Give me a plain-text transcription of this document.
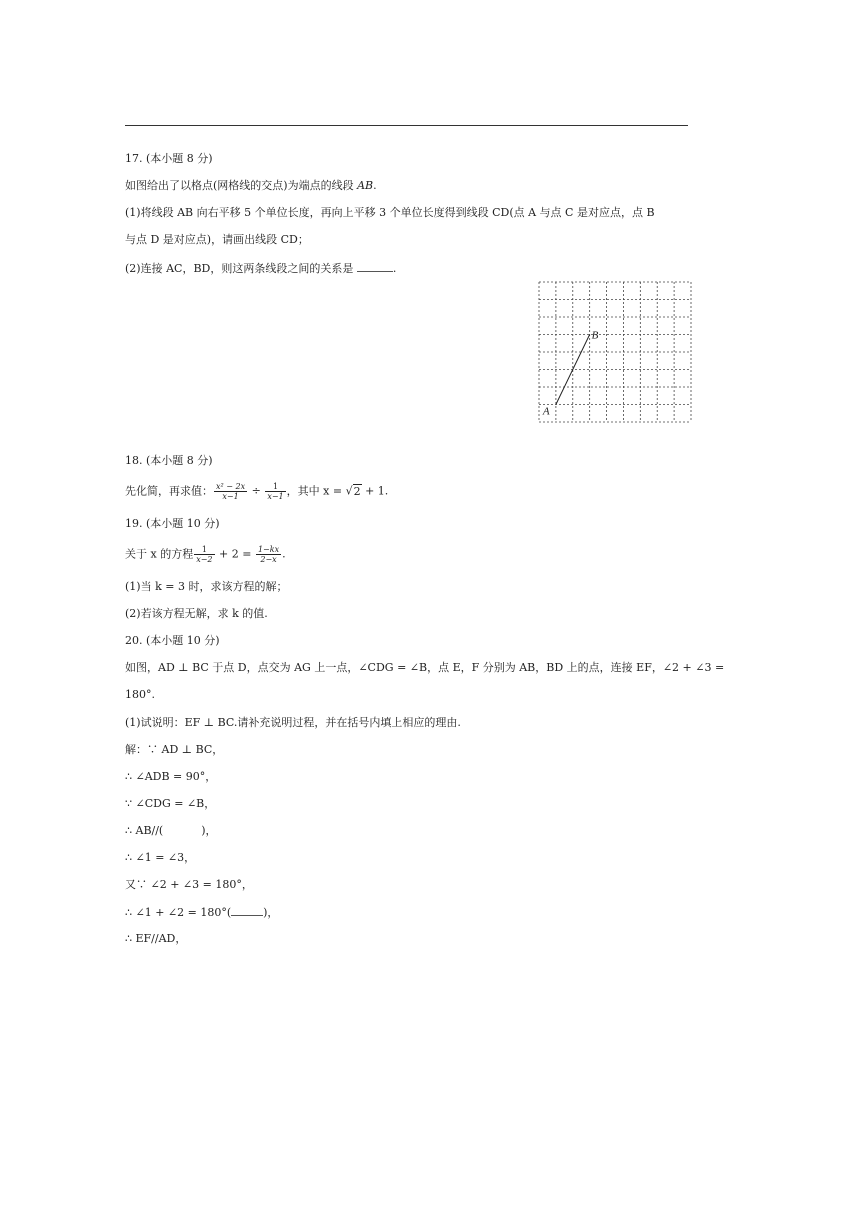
17. (本小题 8 分)
如图给出了以格点(网格线的交点)为端点的线段 AB.
(1)将线段 AB 向右平移 5 个单位长度，再向上平移 3 个单位长度得到线段 CD(点 A 与点 C 是对应点，点 B
与点 D 是对应点)，请画出线段 CD；
(2)连接 AC，BD，则这两条线段之间的关系是	.
A
B
18. (本小题 8 分)
先化简，再求值： $\frac{\text{x² − 2x}}{x-1} \div \frac{1}{x-1}$ ，其中 x = √2 + 1.
19. (本小题 10 分)
关于 x 的方程 $\frac{1}{x-2} + 2 = \frac{1-kx}{2-x}$ .
(1)当 k = 3 时，求该方程的解；
(2)若该方程无解，求 k 的值.
20. (本小题 10 分)
如图，AD ⊥ BC 于点 D，点交为 AG 上一点，∠CDG = ∠B，点 E，F 分别为 AB，BD 上的点，连接 EF，∠2 + ∠3 =
180°.
(1)试说明：EF ⊥ BC.请补充说明过程，并在括号内填上相应的理由.
解：∵ AD ⊥ BC，
∴ ∠ADB = 90°，
∵ ∠CDG = ∠B，
∴ AB//(	)，
∴ ∠1 = ∠3，
又∵ ∠2 + ∠3 = 180°，
∴ ∠1 + ∠2 = 180°(	)，
∴ EF//AD，
